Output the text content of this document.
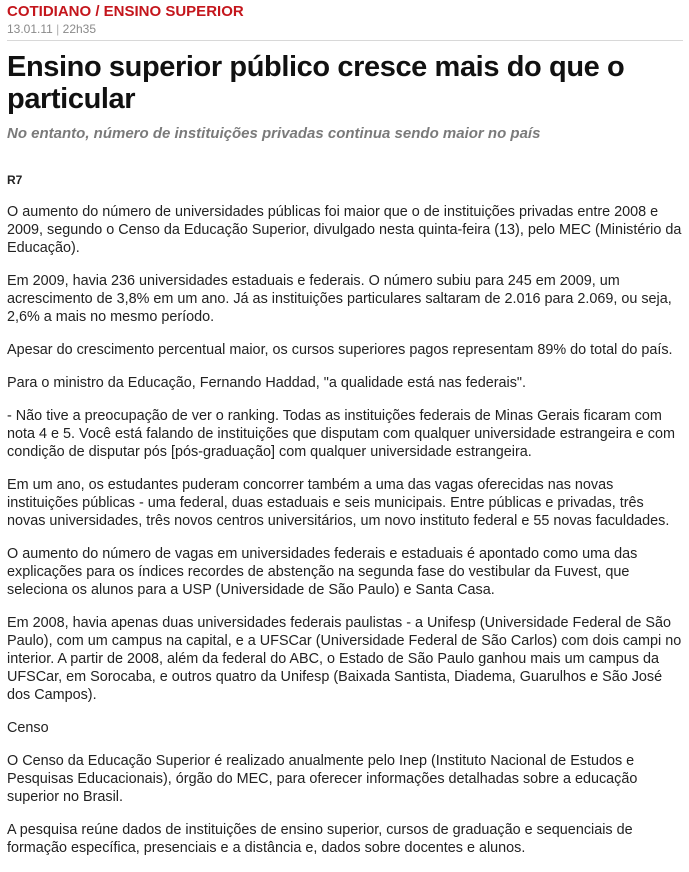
COTIDIANO / ENSINO SUPERIOR
13.01.11 | 22h35
Ensino superior público cresce mais do que o particular
No entanto, número de instituições privadas continua sendo maior no país
R7

O aumento do número de universidades públicas foi maior que o de instituições privadas entre 2008 e 2009, segundo o Censo da Educação Superior, divulgado nesta quinta-feira (13), pelo MEC (Ministério da Educação).

Em 2009, havia 236 universidades estaduais e federais. O número subiu para 245 em 2009, um acrescimento de 3,8% em um ano. Já as instituições particulares saltaram de 2.016 para 2.069, ou seja, 2,6% a mais no mesmo período.

Apesar do crescimento percentual maior, os cursos superiores pagos representam 89% do total do país.

Para o ministro da Educação, Fernando Haddad, "a qualidade está nas federais".

- Não tive a preocupação de ver o ranking. Todas as instituições federais de Minas Gerais ficaram com nota 4 e 5. Você está falando de instituições que disputam com qualquer universidade estrangeira e com condição de disputar pós [pós-graduação] com qualquer universidade estrangeira.

Em um ano, os estudantes puderam concorrer também a uma das vagas oferecidas nas novas instituições públicas - uma federal, duas estaduais e seis municipais. Entre públicas e privadas, três novas universidades, três novos centros universitários, um novo instituto federal e 55 novas faculdades.

O aumento do número de vagas em universidades federais e estaduais é apontado como uma das explicações para os índices recordes de abstenção na segunda fase do vestibular da Fuvest, que seleciona os alunos para a USP (Universidade de São Paulo) e Santa Casa.

Em 2008, havia apenas duas universidades federais paulistas - a Unifesp (Universidade Federal de São Paulo), com um campus na capital, e a UFSCar (Universidade Federal de São Carlos) com dois campi no interior. A partir de 2008, além da federal do ABC, o Estado de São Paulo ganhou mais um campus da UFSCar, em Sorocaba, e outros quatro da Unifesp (Baixada Santista, Diadema, Guarulhos e São José dos Campos).

Censo

O Censo da Educação Superior é realizado anualmente pelo Inep (Instituto Nacional de Estudos e Pesquisas Educacionais), órgão do MEC, para oferecer informações detalhadas sobre a educação superior no Brasil.

A pesquisa reúne dados de instituições de ensino superior, cursos de graduação e sequenciais de formação específica, presenciais e a distância e, dados sobre docentes e alunos.
